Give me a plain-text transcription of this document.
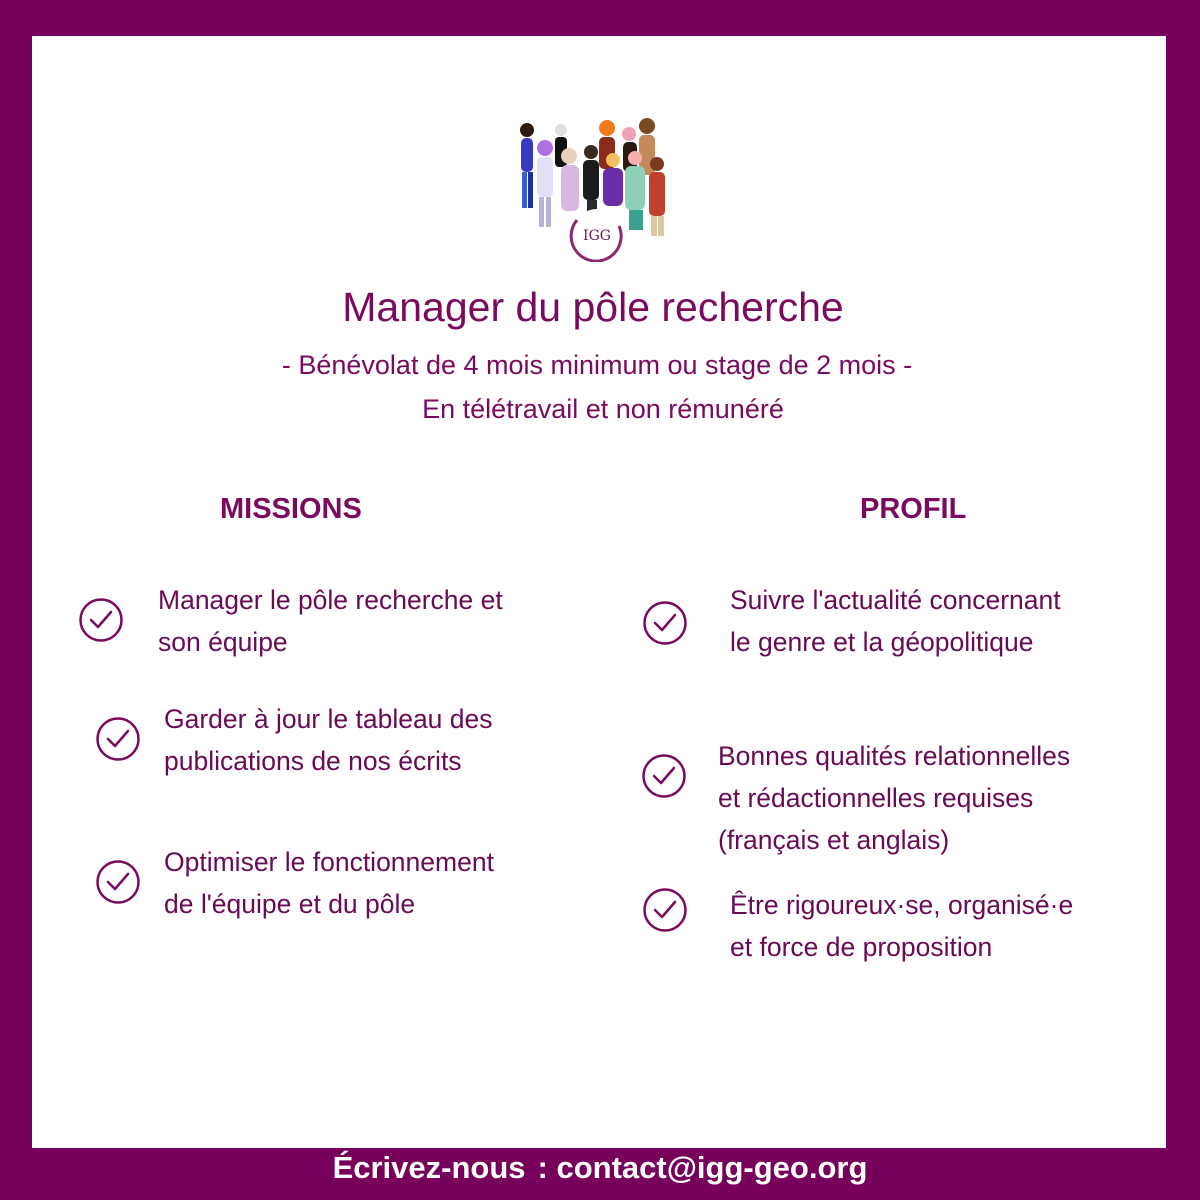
IGG
Manager du pôle recherche
- Bénévolat de 4 mois minimum ou stage de 2 mois -
En télétravail et non rémunéré
MISSIONS	PROFIL
Manager le pôle recherche et
son équipe
Garder à jour le tableau des
publications de nos écrits
Optimiser le fonctionnement
de l'équipe et du pôle
Suivre l'actualité concernant
le genre et la géopolitique
Bonnes qualités relationnelles
et rédactionnelles requises
(français et anglais)
Être rigoureux·se, organisé·e
et force de proposition
Écrivez-nous : contact@igg-geo.org
